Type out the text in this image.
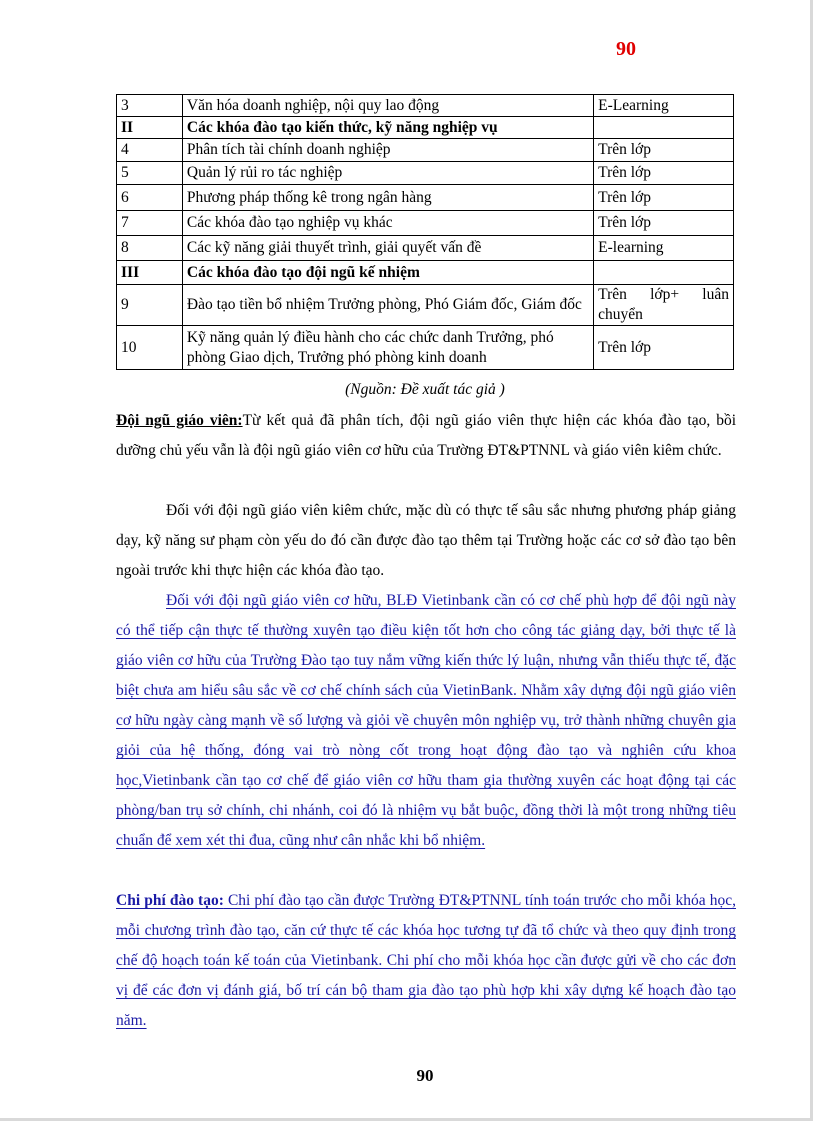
90
3	Văn hóa doanh nghiệp, nội quy lao động	E-Learning
II	Các khóa đào tạo kiến thức, kỹ năng nghiệp vụ	
4	Phân tích tài chính doanh nghiệp	Trên lớp
5	Quản lý rủi ro tác nghiệp	Trên lớp
6	Phương pháp thống kê trong ngân hàng	Trên lớp
7	Các khóa đào tạo nghiệp vụ khác	Trên lớp
8	Các kỹ năng giải thuyết trình, giải quyết vấn đề	E-learning
III	Các khóa đào tạo đội ngũ kế nhiệm	
9	Đào tạo tiền bổ nhiệm Trưởng phòng, Phó Giám đốc, Giám đốc	Trên lớp+ luân chuyển
10	Kỹ năng quản lý điều hành cho các chức danh Trưởng, phó phòng Giao dịch, Trưởng phó phòng kinh doanh	Trên lớp
(Nguồn: Đề xuất tác giả )
Đội ngũ giáo viên:Từ kết quả đã phân tích, đội ngũ giáo viên thực hiện các khóa đào tạo, bồi dưỡng chủ yếu vẫn là đội ngũ giáo viên cơ hữu của Trường ĐT&PTNNL và giáo viên kiêm chức.
Đối với đội ngũ giáo viên kiêm chức, mặc dù có thực tế sâu sắc nhưng phương pháp giảng dạy, kỹ năng sư phạm còn yếu do đó cần được đào tạo thêm tại Trường hoặc các cơ sở đào tạo bên ngoài trước khi thực hiện các khóa đào tạo.
Đối với đội ngũ giáo viên cơ hữu, BLĐ Vietinbank cần có cơ chế phù hợp để đội ngũ này có thể tiếp cận thực tế thường xuyên tạo điều kiện tốt hơn cho công tác giảng dạy, bởi thực tế là giáo viên cơ hữu của Trường Đào tạo tuy nắm vững kiến thức lý luận, nhưng vẫn thiếu thực tế, đặc biệt chưa am hiểu sâu sắc về cơ chế chính sách của VietinBank. Nhằm xây dựng đội ngũ giáo viên cơ hữu ngày càng mạnh về số lượng và giỏi về chuyên môn nghiệp vụ, trở thành những chuyên gia giỏi của hệ thống, đóng vai trò nòng cốt trong hoạt động đào tạo và nghiên cứu khoa học,Vietinbank cần tạo cơ chế để giáo viên cơ hữu tham gia thường xuyên các hoạt động tại các phòng/ban trụ sở chính, chi nhánh, coi đó là nhiệm vụ bắt buộc, đồng thời là một trong những tiêu chuẩn để xem xét thi đua, cũng như cân nhắc khi bổ nhiệm.
Chi phí đào tạo: Chi phí đào tạo cần được Trường ĐT&PTNNL tính toán trước cho mỗi khóa học, mỗi chương trình đào tạo, căn cứ thực tế các khóa học tương tự đã tổ chức và theo quy định trong chế độ hoạch toán kế toán của Vietinbank. Chi phí cho mỗi khóa học cần được gửi về cho các đơn vị để các đơn vị đánh giá, bố trí cán bộ tham gia đào tạo phù hợp khi xây dựng kế hoạch đào tạo năm.
90
